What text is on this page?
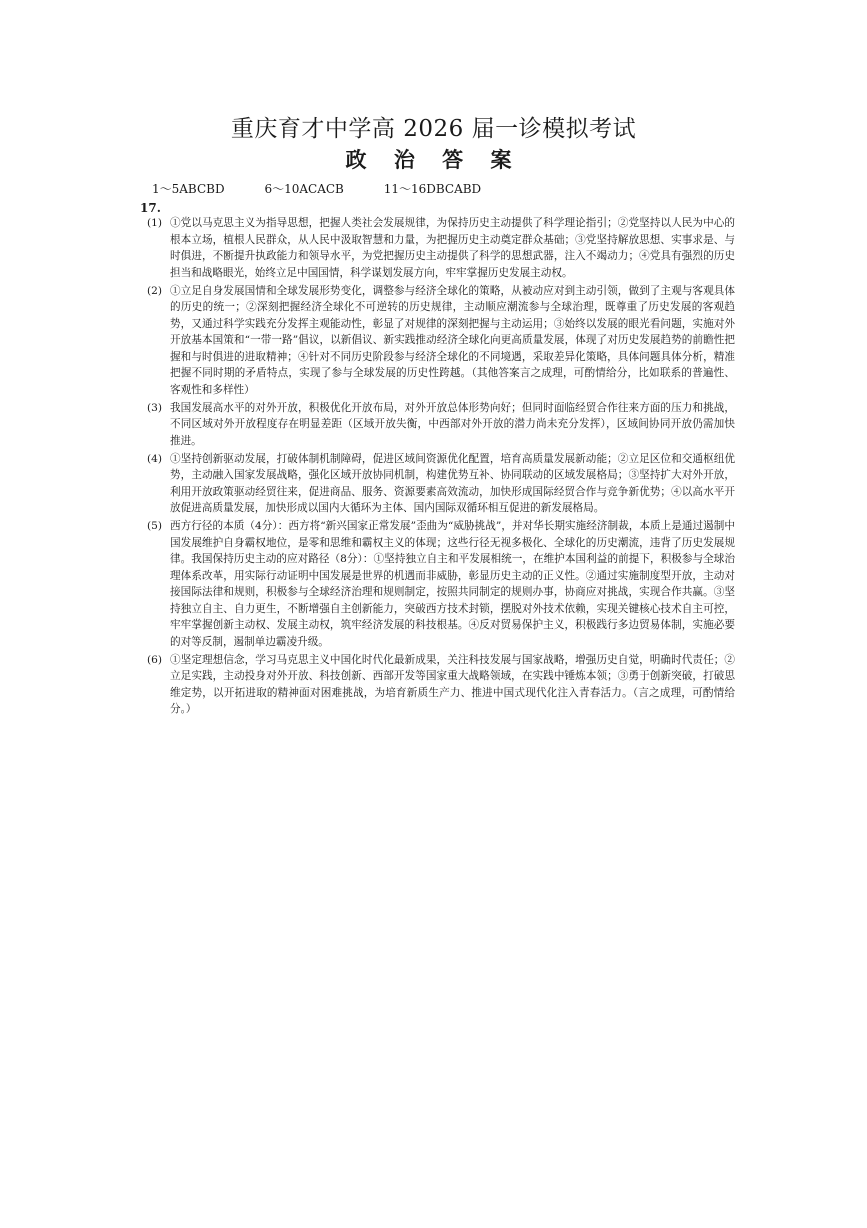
重庆育才中学高 2026 届一诊模拟考试
政 治 答 案
1～5ABCBD	6～10ACACB	11～16DBCABD
17.

(1) ①党以马克思主义为指导思想，把握人类社会发展规律，为保持历史主动提供了科学理论指引；②党坚持以人民为中心的根本立场，植根人民群众，从人民中汲取智慧和力量，为把握历史主动奠定群众基础；③党坚持解放思想、实事求是、与时俱进，不断提升执政能力和领导水平，为党把握历史主动提供了科学的思想武器，注入不竭动力；④党具有强烈的历史担当和战略眼光，始终立足中国国情，科学谋划发展方向，牢牢掌握历史发展主动权。

(2) ①立足自身发展国情和全球发展形势变化，调整参与经济全球化的策略，从被动应对到主动引领，做到了主观与客观具体的历史的统一；②深刻把握经济全球化不可逆转的历史规律，主动顺应潮流参与全球治理，既尊重了历史发展的客观趋势，又通过科学实践充分发挥主观能动性，彰显了对规律的深刻把握与主动运用；③始终以发展的眼光看问题，实施对外开放基本国策和“一带一路”倡议，以新倡议、新实践推动经济全球化向更高质量发展，体现了对历史发展趋势的前瞻性把握和与时俱进的进取精神；④针对不同历史阶段参与经济全球化的不同境遇，采取差异化策略，具体问题具体分析，精准把握不同时期的矛盾特点，实现了参与全球发展的历史性跨越。（其他答案言之成理，可酌情给分，比如联系的普遍性、客观性和多样性）

(3) 我国发展高水平的对外开放，积极优化开放布局，对外开放总体形势向好；但同时面临经贸合作往来方面的压力和挑战，不同区域对外开放程度存在明显差距（区域开放失衡，中西部对外开放的潜力尚未充分发挥），区域间协同开放仍需加快推进。

(4) ①坚持创新驱动发展，打破体制机制障碍，促进区域间资源优化配置，培育高质量发展新动能；②立足区位和交通枢纽优势，主动融入国家发展战略，强化区域开放协同机制，构建优势互补、协同联动的区域发展格局；③坚持扩大对外开放，利用开放政策驱动经贸往来，促进商品、服务、资源要素高效流动，加快形成国际经贸合作与竞争新优势；④以高水平开放促进高质量发展，加快形成以国内大循环为主体、国内国际双循环相互促进的新发展格局。

(5) 西方行径的本质（4分）：西方将“新兴国家正常发展”歪曲为“威胁挑战”，并对华长期实施经济制裁，本质上是通过遏制中国发展维护自身霸权地位，是零和思维和霸权主义的体现；这些行径无视多极化、全球化的历史潮流，违背了历史发展规律。我国保持历史主动的应对路径（8分）：①坚持独立自主和平发展相统一，在维护本国利益的前提下，积极参与全球治理体系改革，用实际行动证明中国发展是世界的机遇而非威胁，彰显历史主动的正义性。②通过实施制度型开放，主动对接国际法律和规则，积极参与全球经济治理和规则制定，按照共同制定的规则办事，协商应对挑战，实现合作共赢。③坚持独立自主、自力更生，不断增强自主创新能力，突破西方技术封锁，摆脱对外技术依赖，实现关键核心技术自主可控，牢牢掌握创新主动权、发展主动权，筑牢经济发展的科技根基。④反对贸易保护主义，积极践行多边贸易体制，实施必要的对等反制，遏制单边霸凌升级。

(6) ①坚定理想信念，学习马克思主义中国化时代化最新成果，关注科技发展与国家战略，增强历史自觉，明确时代责任；②立足实践，主动投身对外开放、科技创新、西部开发等国家重大战略领域，在实践中锤炼本领；③勇于创新突破，打破思维定势，以开拓进取的精神面对困难挑战，为培育新质生产力、推进中国式现代化注入青春活力。（言之成理，可酌情给分。）
